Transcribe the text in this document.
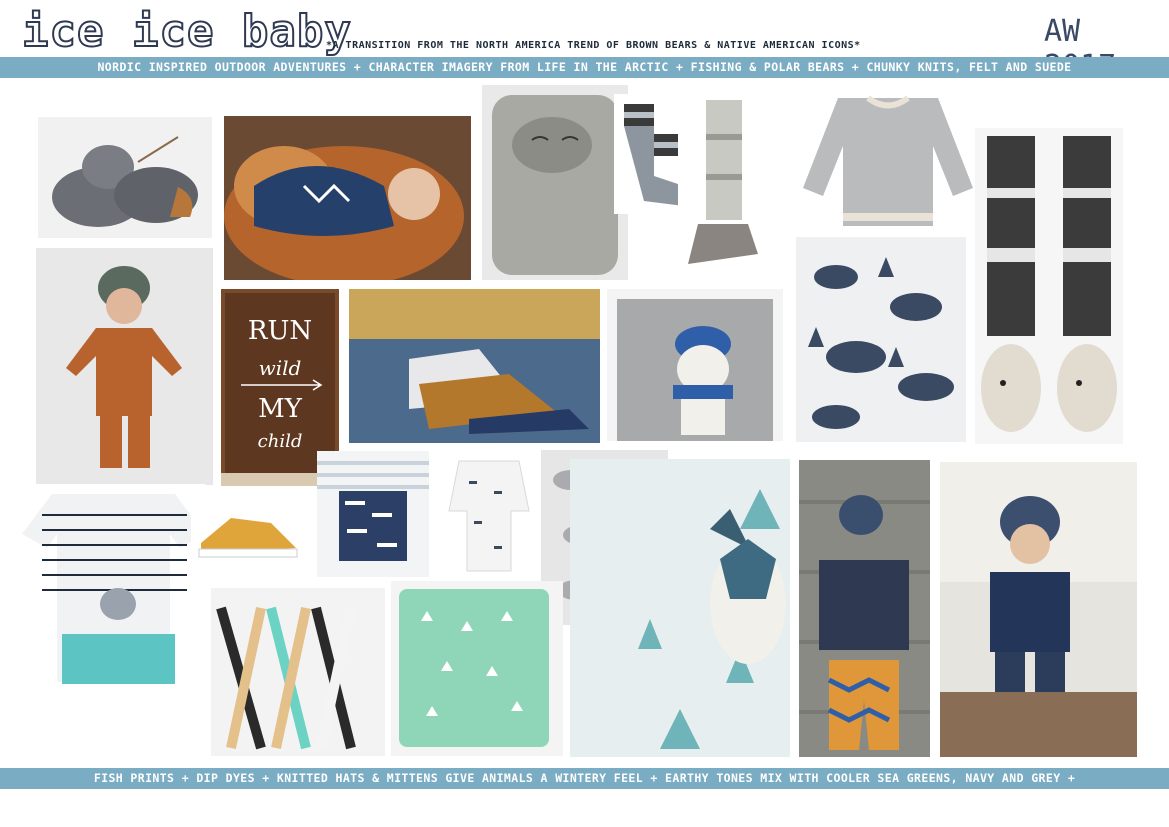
ice ice baby
*A TRANSITION FROM THE NORTH AMERICA TREND OF BROWN BEARS & NATIVE AMERICAN ICONS*	AW
NORDIC INSPIRED OUTDOOR ADVENTURES + CHARACTER IMAGERY FROM LIFE IN THE ARCTIC + FISHING & POLAR BEARS + CHUNKY KNITS, FELT AND SUEDE
RUN
wild
MY
child
FISH PRINTS + DIP DYES + KNITTED HATS & MITTENS GIVE ANIMALS A WINTERY FEEL + EARTHY TONES MIX WITH COOLER SEA GREENS, NAVY AND GREY +
